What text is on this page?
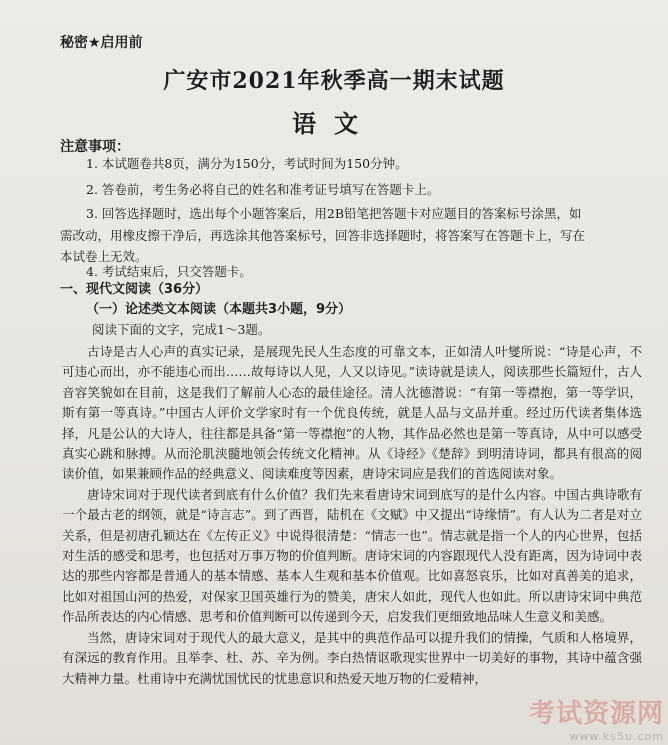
秘密★启用前
广安市2021年秋季高一期末试题
语文
注意事项：
1. 本试题卷共8页，满分为150分，考试时间为150分钟。
2. 答卷前，考生务必将自己的姓名和准考证号填写在答题卡上。
3. 回答选择题时，选出每个小题答案后，用2B铅笔把答题卡对应题目的答案标号涂黑，如
需改动，用橡皮擦干净后，再选涂其他答案标号，回答非选择题时，将答案写在答题卡上，写在
本试卷上无效。
4. 考试结束后，只交答题卡。
一、现代文阅读（36分）
（一）论述类文本阅读（本题共3小题，9分）
阅读下面的文字，完成1～3题。

古诗是古人心声的真实记录，是展现先民人生态度的可靠文本，正如清人叶燮所说：“诗是心声，不可违心而出，亦不能违心而出……故每诗以人见，人又以诗见。”读诗就是读人，阅读那些长篇短什，古人音容笑貌如在目前，这是我们了解前人心态的最佳途径。清人沈德潜说：“有第一等襟抱，第一等学识，斯有第一等真诗。”中国古人评价文学家时有一个优良传统，就是人品与文品并重。经过历代读者集体选择，凡是公认的大诗人，往往都是具备“第一等襟抱”的人物，其作品必然也是第一等真诗，从中可以感受真实心跳和脉搏。从而沦肌浃髓地领会传统文化精神。从《诗经》《楚辞》到明清诗词，都具有很高的阅读价值，如果兼顾作品的经典意义、阅读难度等因素，唐诗宋词应是我们的首选阅读对象。

唐诗宋词对于现代读者到底有什么价值？我们先来看唐诗宋词到底写的是什么内容。中国古典诗歌有一个最古老的纲领，就是“诗言志”。到了西晋，陆机在《文赋》中又提出“诗缘情”。有人认为二者是对立关系，但是初唐孔颖达在《左传正义》中说得很清楚：“情志一也”。情志就是指一个人的内心世界，包括对生活的感受和思考，也包括对万事万物的价值判断。唐诗宋词的内容跟现代人没有距离，因为诗词中表达的那些内容都是普通人的基本情感、基本人生观和基本价值观。比如喜怒哀乐，比如对真善美的追求，比如对祖国山河的热爱，对保家卫国英雄行为的赞美，唐宋人如此，现代人也如此。所以唐诗宋词中典范作品所表达的内心情感、思考和价值判断可以传递到今天，启发我们更细致地品味人生意义和美感。

当然，唐诗宋词对于现代人的最大意义，是其中的典范作品可以提升我们的情操，气质和人格境界，有深远的教育作用。且举李、杜、苏、辛为例。李白热情讴歌现实世界中一切美好的事物，其诗中蕴含强大精神力量。杜甫诗中充满忧国忧民的忧患意识和热爱天地万物的仁爱精神，

考试资源网
www.ks5u.com
